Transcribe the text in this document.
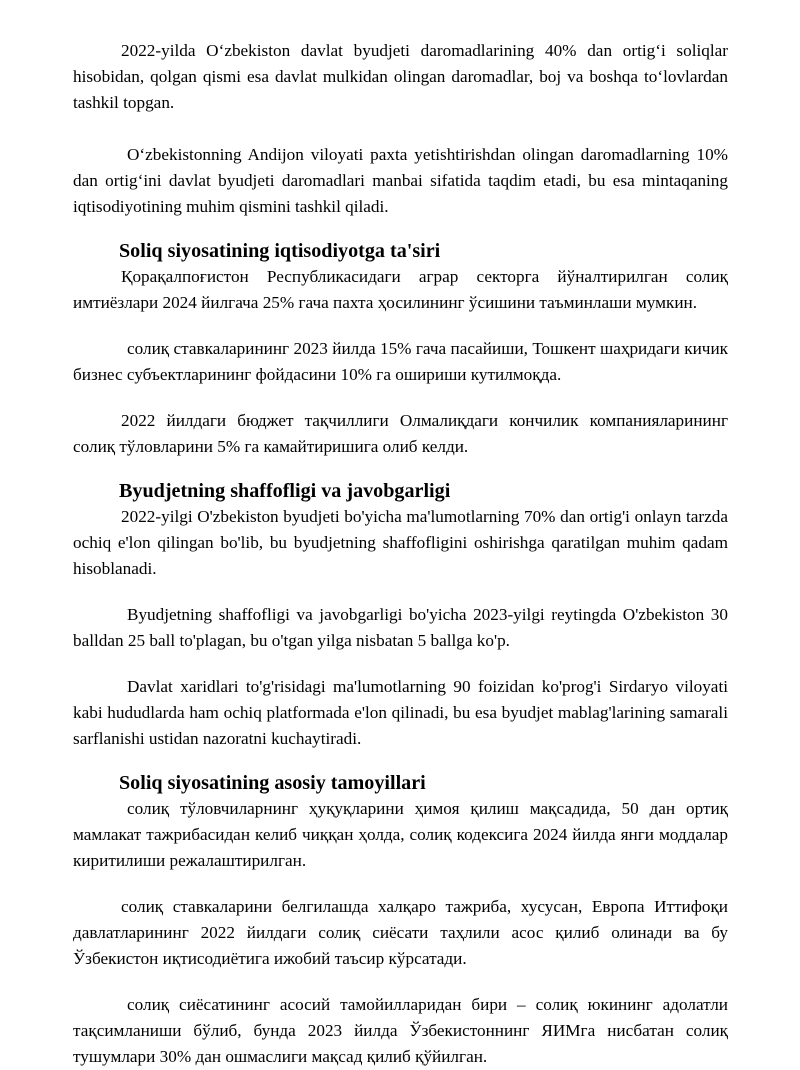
2022-yilda O‘zbekiston davlat byudjeti daromadlarining 40% dan ortig‘i soliqlar hisobidan, qolgan qismi esa davlat mulkidan olingan daromadlar, boj va boshqa to‘lovlardan tashkil topgan.

O‘zbekistonning Andijon viloyati paxta yetishtirishdan olingan daromadlarning 10% dan ortig‘ini davlat byudjeti daromadlari manbai sifatida taqdim etadi, bu esa mintaqaning iqtisodiyotining muhim qismini tashkil qiladi.

Soliq siyosatining iqtisodiyotga ta'siri

Қорақалпоғистон Республикасидаги аграр секторга йўналтирилган солиқ имтиёзлари 2024 йилгача 25% гача пахта ҳосилининг ўсишини таъминлаши мумкин.

солиқ ставкаларининг 2023 йилда 15% гача пасайиши, Тошкент шаҳридаги кичик бизнес субъектларининг фойдасини 10% га ошириши кутилмоқда.

2022 йилдаги бюджет тақчиллиги Олмалиқдаги кончилик компанияларининг солиқ тўловларини 5% га камайтиришига олиб келди.

Byudjetning shaffofligi va javobgarligi

2022-yilgi O'zbekiston byudjeti bo'yicha ma'lumotlarning 70% dan ortig'i onlayn tarzda ochiq e'lon qilingan bo'lib, bu byudjetning shaffofligini oshirishga qaratilgan muhim qadam hisoblanadi.

Byudjetning shaffofligi va javobgarligi bo'yicha 2023-yilgi reytingda O'zbekiston 30 balldan 25 ball to'plagan, bu o'tgan yilga nisbatan 5 ballga ko'p.

Davlat xaridlari to'g'risidagi ma'lumotlarning 90 foizidan ko'prog'i Sirdaryo viloyati kabi hududlarda ham ochiq platformada e'lon qilinadi, bu esa byudjet mablag'larining samarali sarflanishi ustidan nazoratni kuchaytiradi.

Soliq siyosatining asosiy tamoyillari

солиқ тўловчиларнинг ҳуқуқларини ҳимоя қилиш мақсадида, 50 дан ортиқ мамлакат тажрибасидан келиб чиққан ҳолда, солиқ кодексига 2024 йилда янги моддалар киритилиши режалаштирилган.

солиқ ставкаларини белгилашда халқаро тажриба, хусусан, Европа Иттифоқи давлатларининг 2022 йилдаги солиқ сиёсати таҳлили асос қилиб олинади ва бу Ўзбекистон иқтисодиётига ижобий таъсир кўрсатади.

солиқ сиёсатининг асосий тамойилларидан бири – солиқ юкининг адолатли тақсимланиши бўлиб, бунда 2023 йилда Ўзбекистоннинг ЯИМга нисбатан солиқ тушумлари 30% дан ошмаслиги мақсад қилиб қўйилган.
